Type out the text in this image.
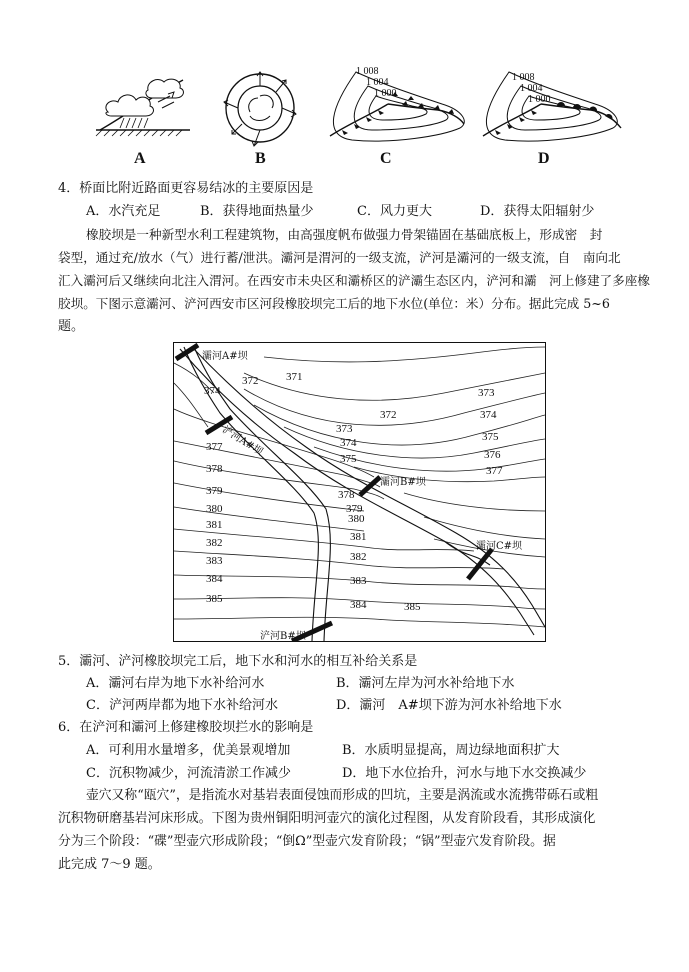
A	B
1 008
1 004
1 000
C
1 008
1 004
1 000
D
4．桥面比附近路面更容易结冰的主要原因是
A．水汽充足	B．获得地面热量少	C．风力更大	D．获得太阳辐射少
橡胶坝是一种新型水利工程建筑物，由高强度帆布做强力骨架锚固在基础底板上，形成密　封
袋型，通过充/放水（气）进行蓄/泄洪。灞河是渭河的一级支流，浐河是灞河的一级支流，自　南向北
汇入灞河后又继续向北注入渭河。在西安市未央区和灞桥区的浐灞生态区内，浐河和灞　河上修建了多座橡
胶坝。下图示意灞河、浐河西安市区河段橡胶坝完工后的地下水位(单位：米）分布。据此完成 5~6
题。
灞河A#坝
浐河A#坝
灞河B#坝
灞河C#坝
浐河B#坝
371
372
372
373
373
374
374
374
375
375
376
377
377
378
378
379
379
380
380
381
381
382
382
383
383
384
384
385
385
5．灞河、浐河橡胶坝完工后，地下水和河水的相互补给关系是
A．灞河右岸为地下水补给河水	B．灞河左岸为河水补给地下水
C．浐河两岸都为地下水补给河水	D．灞河　A#坝下游为河水补给地下水
6．在浐河和灞河上修建橡胶坝拦水的影响是
A．可利用水量增多，优美景观增加	B．水质明显提高，周边绿地面积扩大
C．沉积物减少，河流清淤工作减少	D．地下水位抬升，河水与地下水交换减少
壶穴又称“瓯穴”，是指流水对基岩表面侵蚀而形成的凹坑，主要是涡流或水流携带砾石或粗
沉积物研磨基岩河床形成。下图为贵州铜阳明河壶穴的演化过程图，从发育阶段看，其形成演化
分为三个阶段：“碟”型壶穴形成阶段；“倒Ω”型壶穴发育阶段；“锅”型壶穴发育阶段。据
此完成 7～9 题。
